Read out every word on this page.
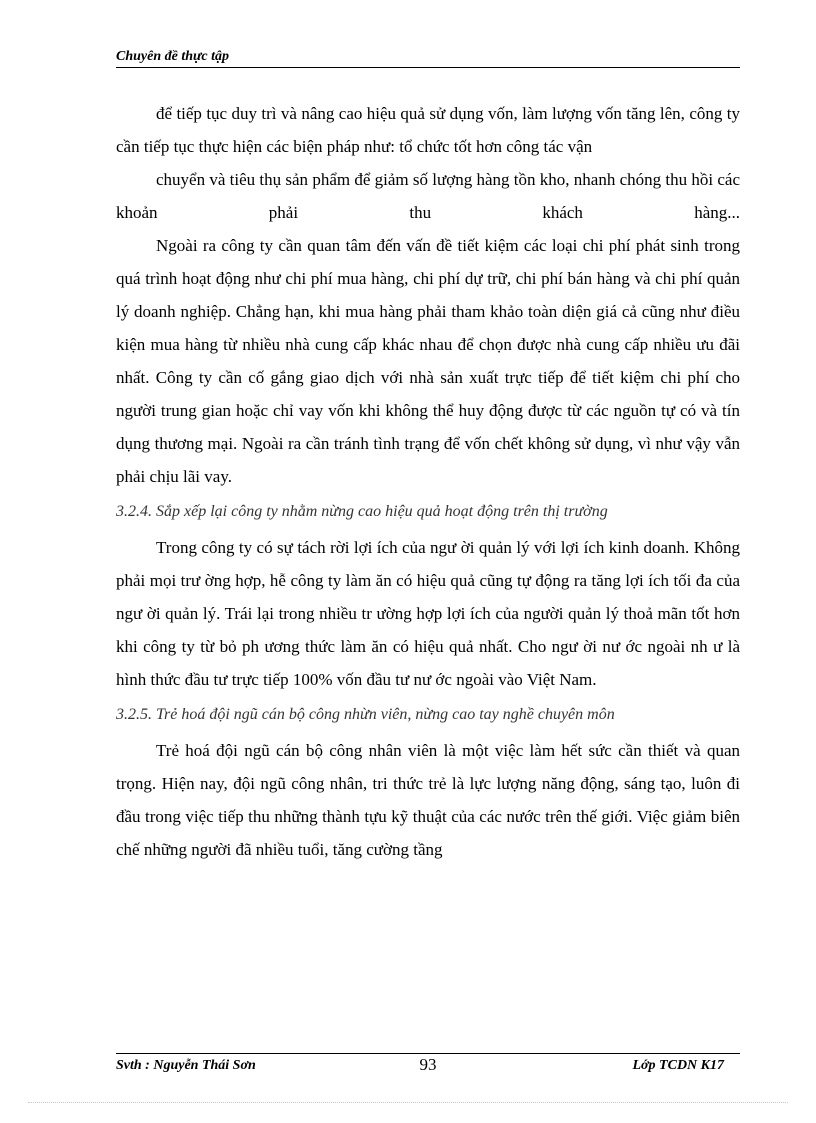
Chuyên đề thực tập

để tiếp tục duy trì và nâng cao hiệu quả sử dụng vốn, làm lượng vốn tăng lên, công ty cần tiếp tục thực hiện các biện pháp như: tổ chức tốt hơn công tác vận

chuyển và tiêu thụ sản phẩm để giảm số lượng hàng tồn kho, nhanh chóng thu hồi các khoản phải thu khách hàng...

Ngoài ra công ty cần quan tâm đến vấn đề tiết kiệm các loại chi phí phát sinh trong quá trình hoạt động như chi phí mua hàng, chi phí dự trữ, chi phí bán hàng và chi phí quản lý doanh nghiệp. Chẳng hạn, khi mua hàng phải tham khảo toàn diện giá cả cũng như điều kiện mua hàng từ nhiều nhà cung cấp khác nhau để chọn được nhà cung cấp nhiều ưu đãi nhất. Công ty cần cố gắng giao dịch với nhà sản xuất trực tiếp để tiết kiệm chi phí cho người trung gian hoặc chỉ vay vốn khi không thể huy động được từ các nguồn tự có và tín dụng thương mại. Ngoài ra cần tránh tình trạng để vốn chết không sử dụng, vì như vậy vẫn phải chịu lãi vay.

3.2.4. Sắp xếp lại công ty nhằm nừng cao hiệu quả hoạt động trên thị trường

Trong công ty có sự tách rời lợi ích của ngư ời quản lý với lợi ích kinh doanh. Không phải mọi trư ờng hợp, hễ công ty làm ăn có hiệu quả cũng tự động ra tăng lợi ích tối đa của ngư ời quản lý. Trái lại trong nhiều tr ường hợp lợi ích của người quản lý thoả mãn tốt hơn khi công ty từ bỏ ph ương thức làm ăn có hiệu quả nhất. Cho ngư ời nư ớc ngoài nh ư là hình thức đầu tư trực tiếp 100% vốn đầu tư nư ớc ngoài vào Việt Nam.

3.2.5. Trẻ hoá đội ngũ cán bộ công nhừn viên, nừng cao tay nghề chuyên môn

Trẻ hoá đội ngũ cán bộ công nhân viên là một việc làm hết sức cần thiết và quan trọng. Hiện nay, đội ngũ công nhân, tri thức trẻ là lực lượng năng động, sáng tạo, luôn đi đầu trong việc tiếp thu những thành tựu kỹ thuật của các nước trên thế giới. Việc giảm biên chế những người đã nhiều tuổi, tăng cường tầng

Svth : Nguyễn Thái Sơn	93	Lớp TCDN K17
